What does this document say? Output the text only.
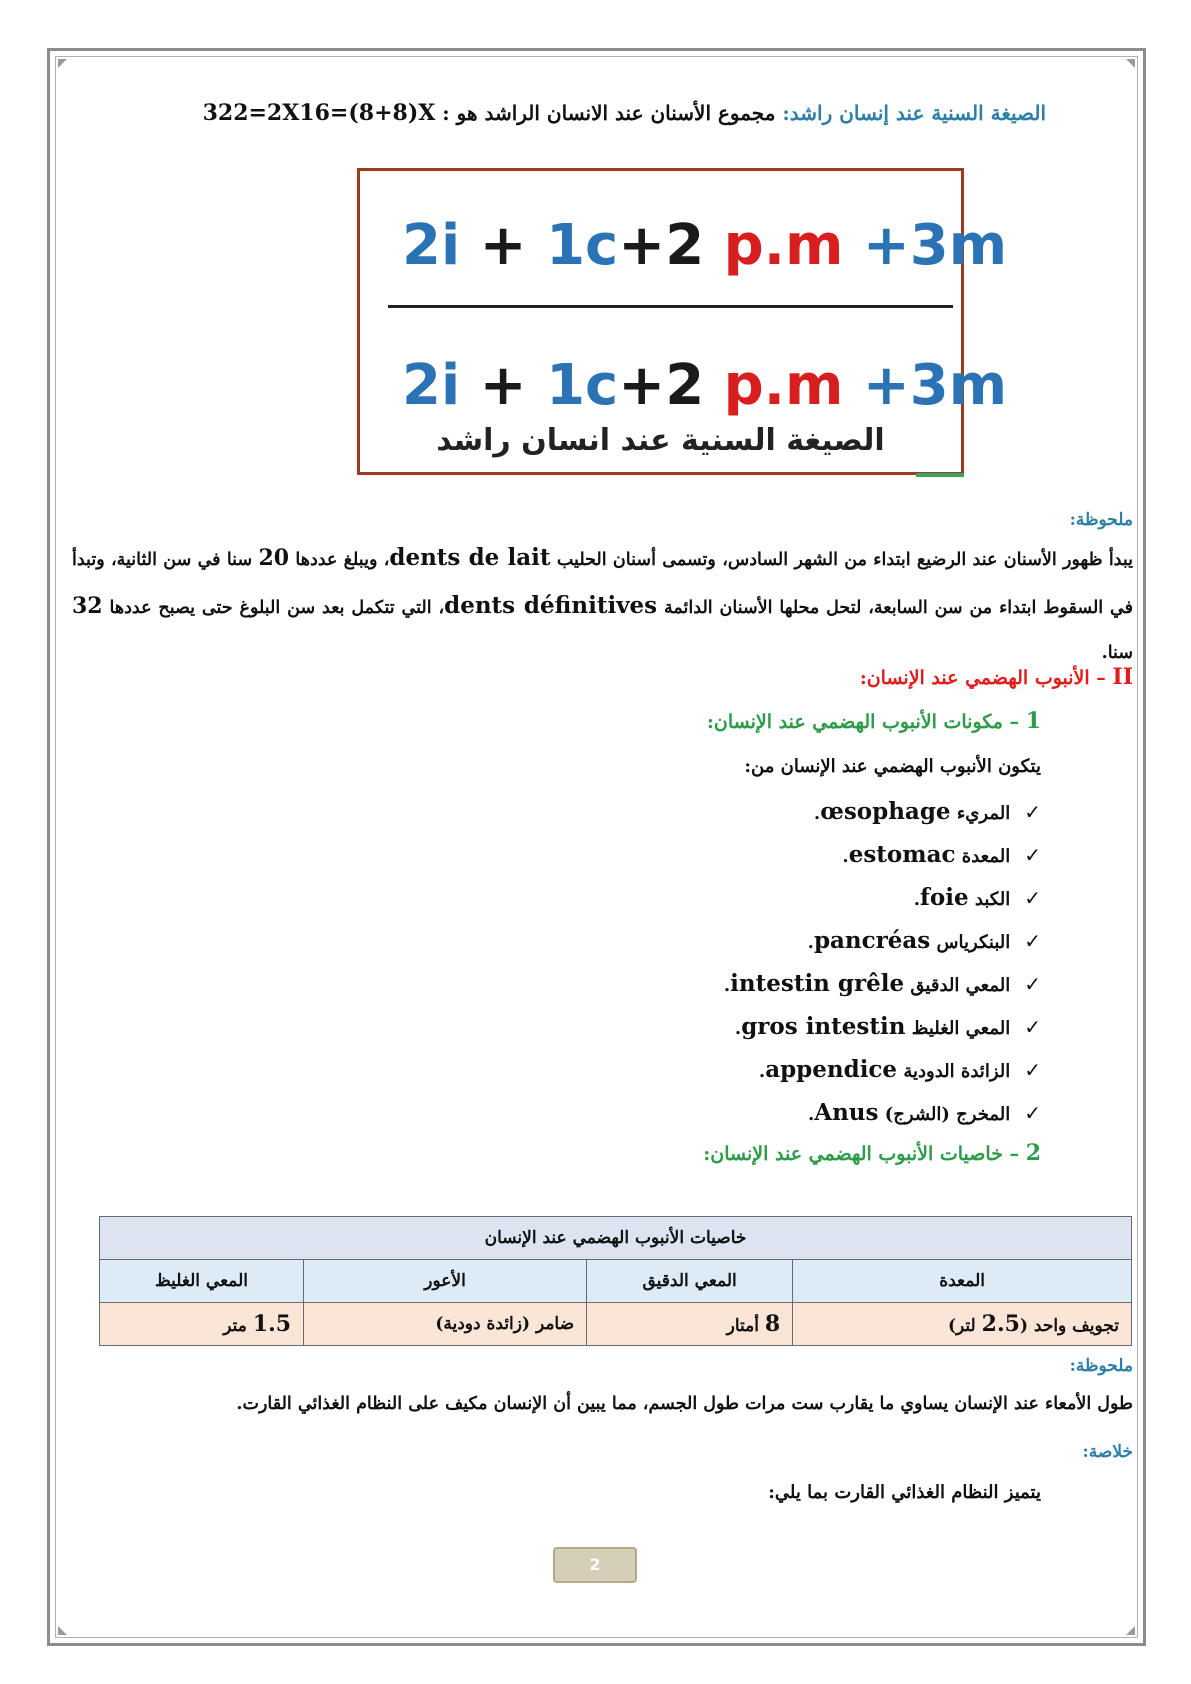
الصيغة السنية عند إنسان راشد: مجموع الأسنان عند الانسان الراشد هو : 322=2X16=(8+8)X
2i + 1c+2 p.m +3m
2i + 1c+2 p.m +3m
الصيغة السنية عند انسان راشد
ملحوظة:
يبدأ ظهور الأسنان عند الرضيع ابتداء من الشهر السادس، وتسمى أسنان الحليب dents de lait، ويبلغ عددها 20 سنا في سن الثانية، وتبدأ في السقوط ابتداء من سن السابعة، لتحل محلها الأسنان الدائمة dents définitives، التي تتكمل بعد سن البلوغ حتى يصبح عددها 32 سنا.
II – الأنبوب الهضمي عند الإنسان:
1 – مكونات الأنبوب الهضمي عند الإنسان:
يتكون الأنبوب الهضمي عند الإنسان من:
✓المريء œsophage.
✓المعدة estomac.
✓الكبد foie.
✓البنكرياس pancréas.
✓المعي الدقيق intestin grêle.
✓المعي الغليظ gros intestin.
✓الزائدة الدودية appendice.
✓المخرج (الشرج) Anus.
2 – خاصيات الأنبوب الهضمي عند الإنسان:
خاصيات الأنبوب الهضمي عند الإنسان			
المعدة	المعي الدقيق	الأعور	المعي الغليظ
تجويف واحد (2.5 لتر)	8 أمتار	ضامر (زائدة دودية)	1.5 متر
ملحوظة:
طول الأمعاء عند الإنسان يساوي ما يقارب ست مرات طول الجسم، مما يبين أن الإنسان مكيف على النظام الغذائي القارت.
خلاصة:
يتميز النظام الغذائي القارت بما يلي:
2
